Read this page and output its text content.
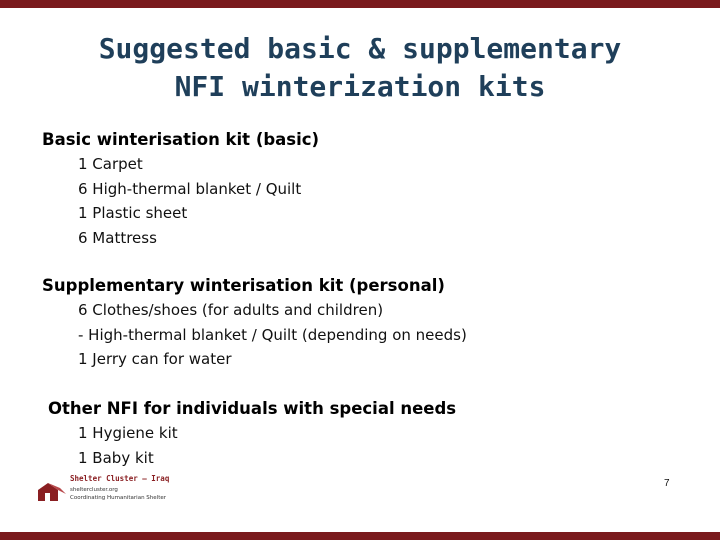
Suggested basic & supplementary
NFI winterization kits
Basic winterisation kit (basic)
1 Carpet
6 High-thermal blanket / Quilt
1 Plastic sheet
6 Mattress
Supplementary winterisation kit (personal)
6 Clothes/shoes (for adults and children)
- High-thermal blanket / Quilt (depending on needs)
1 Jerry can for water
Other NFI for individuals with special needs
1 Hygiene kit
1 Baby kit
Shelter Cluster – Iraq
sheltercluster.org
Coordinating Humanitarian Shelter
7
